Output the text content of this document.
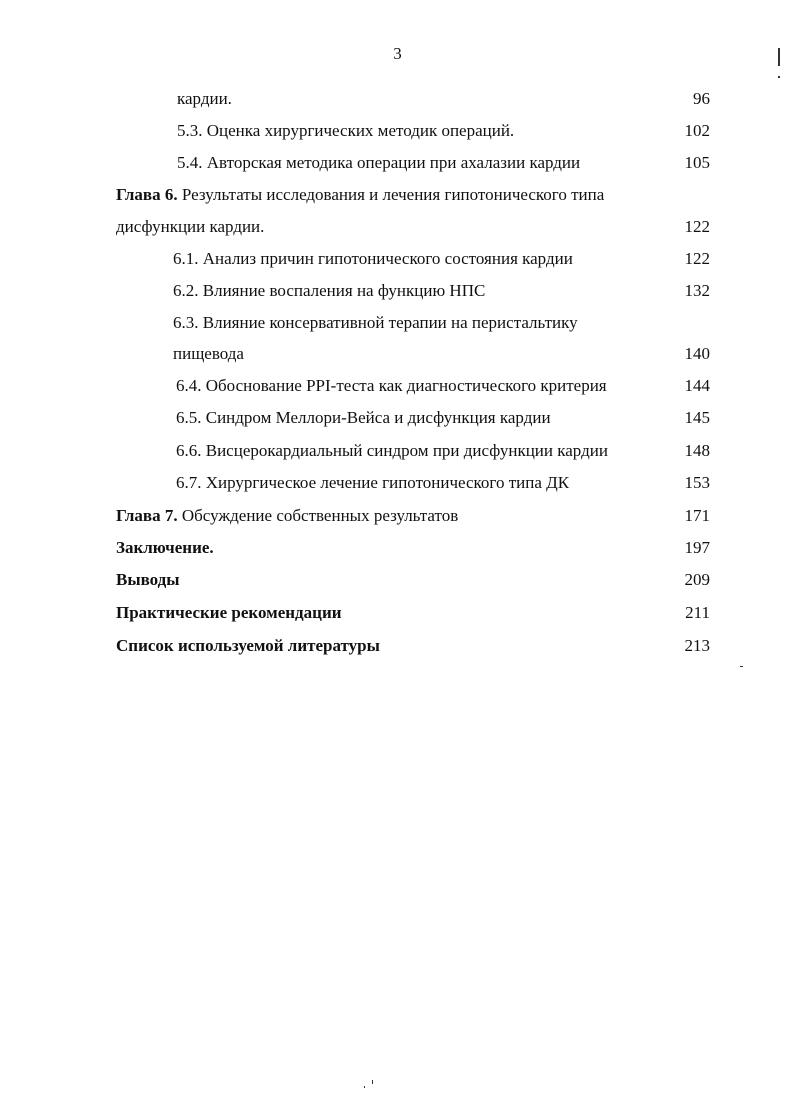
3
кардии.	96
5.3. Оценка хирургических методик операций.	102
5.4. Авторская методика операции при ахалазии кардии	105
Глава 6. Результаты исследования и лечения гипотонического типа
дисфункции кардии.	122
6.1. Анализ причин гипотонического состояния кардии	122
6.2. Влияние воспаления на функцию НПС	132
6.3. Влияние консервативной терапии на перистальтику
пищевода	140
6.4. Обоснование PPI-теста как диагностического критерия	144
6.5. Синдром Меллори-Вейса и дисфункция кардии	145
6.6. Висцерокардиальный синдром при дисфункции кардии	148
6.7. Хирургическое лечение гипотонического типа ДК	153
Глава 7. Обсуждение собственных результатов	171
Заключение.	197
Выводы	209
Практические рекомендации	211
Список используемой литературы	213
